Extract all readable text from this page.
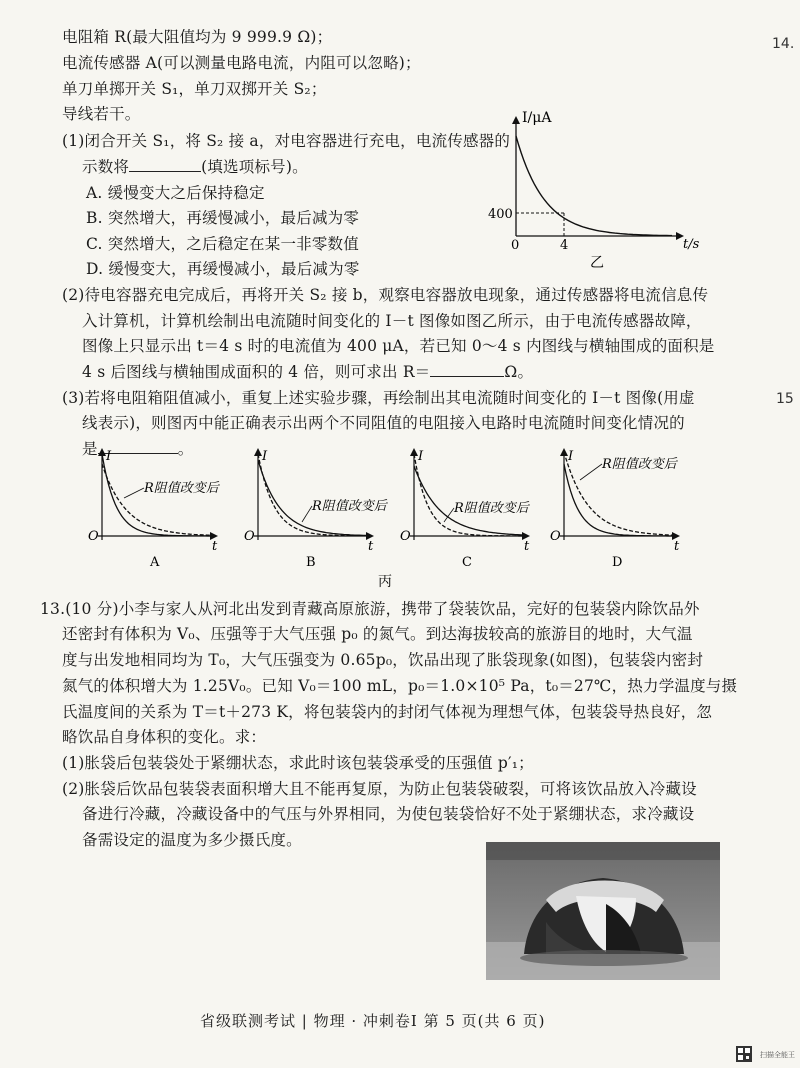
电阻箱 R(最大阻值均为 9 999.9 Ω)；
电流传感器 A(可以测量电路电流，内阻可以忽略)；
单刀单掷开关 S₁，单刀双掷开关 S₂；
导线若干。
14.
15
(1)闭合开关 S₁，将 S₂ 接 a，对电容器进行充电，电流传感器的
示数将	(填选项标号)。
A. 缓慢变大之后保持稳定
B. 突然增大，再缓慢减小，最后减为零
C. 突然增大，之后稳定在某一非零数值
D. 缓慢变大，再缓慢减小，最后减为零
I/μA
t/s
0
400
4
乙
(2)待电容器充电完成后，再将开关 S₂ 接 b，观察电容器放电现象，通过传感器将电流信息传
入计算机，计算机绘制出电流随时间变化的 I－t 图像如图乙所示，由于电流传感器故障，
图像上只显示出 t＝4 s 时的电流值为 400 μA，若已知 0～4 s 内图线与横轴围成的面积是
4 s 后图线与横轴围成面积的 4 倍，则可求出 R＝	Ω。
(3)若将电阻箱阻值减小，重复上述实验步骤，再绘制出其电流随时间变化的 I－t 图像(用虚
线表示)，则图丙中能正确表示出两个不同阻值的电阻接入电路时电流随时间变化情况的
是	。
R阻值改变后
I
t
O
A
R阻值改变后
I
t
O
B
R阻值改变后
I
t
O
C
R阻值改变后
I
t
O
D
丙
13.(10 分)小李与家人从河北出发到青藏高原旅游，携带了袋装饮品，完好的包装袋内除饮品外
还密封有体积为 V₀、压强等于大气压强 p₀ 的氮气。到达海拔较高的旅游目的地时，大气温
度与出发地相同均为 T₀，大气压强变为 0.65p₀，饮品出现了胀袋现象(如图)，包装袋内密封
氮气的体积增大为 1.25V₀。已知 V₀＝100 mL，p₀＝1.0×10⁵ Pa，t₀＝27℃，热力学温度与摄
氏温度间的关系为 T＝t＋273 K，将包装袋内的封闭气体视为理想气体，包装袋导热良好，忽
略饮品自身体积的变化。求：
(1)胀袋后包装袋处于紧绷状态，求此时该包装袋承受的压强值 p′₁；
(2)胀袋后饮品包装袋表面积增大且不能再复原，为防止包装袋破裂，可将该饮品放入冷藏设
备进行冷藏，冷藏设备中的气压与外界相同，为使包装袋恰好不处于紧绷状态，求冷藏设
备需设定的温度为多少摄氏度。
省级联测考试 | 物理 · 冲刺卷Ⅰ 第 5 页(共 6 页)
扫描全能王
